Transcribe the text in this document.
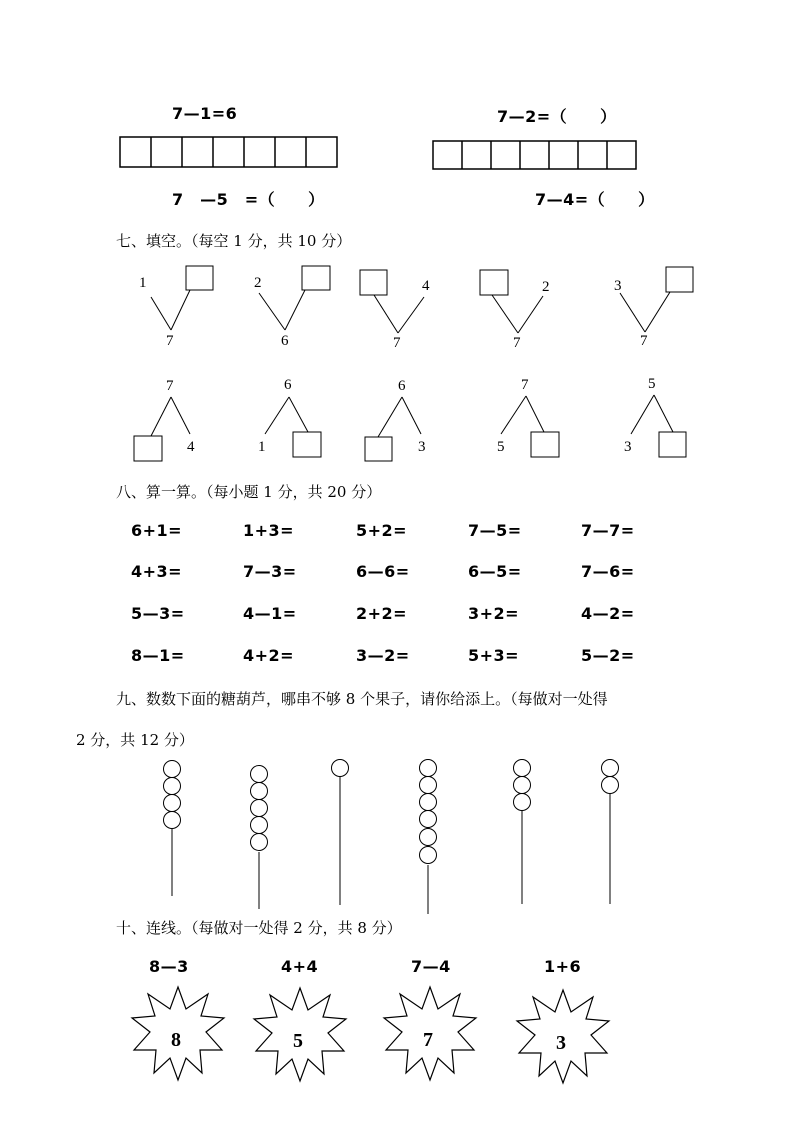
7—1=6	7—2=（　　）
7　—5　=（　　）	7—4=（　　）
七、填空。（每空 1 分，共 10 分）
1
7
2
6
4
7
2
7
3
7
7
4
6
1
6
3
7
5
5
3
八、算一算。（每小题 1 分，共 20 分）
6+1=	1+3=	5+2=	7—5=	7—7=
4+3=	7—3=	6—6=	6—5=	7—6=
5—3=	4—1=	2+2=	3+2=	4—2=
8—1=	4+2=	3—2=	5+3=	5—2=
九、数数下面的糖葫芦，哪串不够 8 个果子，请你给添上。（每做对一处得
2 分，共 12 分）
十、连线。（每做对一处得 2 分，共 8 分）
8—3	4+4	7—4	1+6
8	5	7	3
